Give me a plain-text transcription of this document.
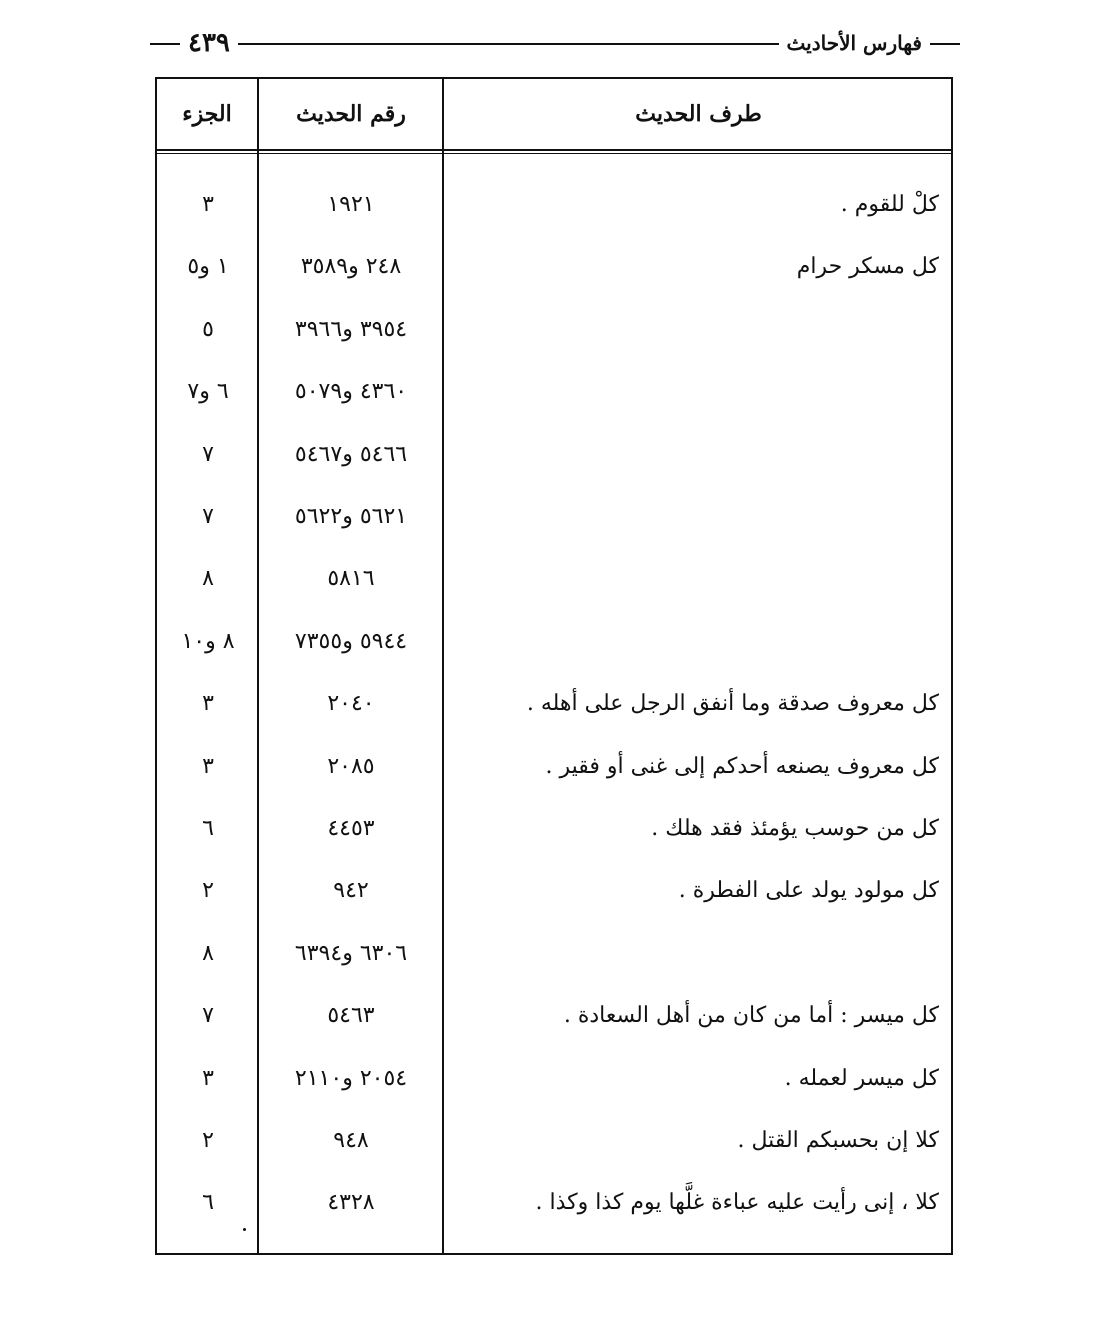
٤٣٩	فهارس الأحاديث
الجزء	رقم الحديث	طرف الحديث
٣	١٩٢١	كلْ للقوم .
١ و٥	٢٤٨ و٣٥٨٩	كل مسكر حرام
٥	٣٩٥٤ و٣٩٦٦
٦ و٧	٤٣٦٠ و٥٠٧٩
٧	٥٤٦٦ و٥٤٦٧
٧	٥٦٢١ و٥٦٢٢
٨	٥٨١٦
٨ و١٠	٥٩٤٤ و٧٣٥٥
٣	٢٠٤٠	كل معروف صدقة وما أنفق الرجل على أهله .
٣	٢٠٨٥	كل معروف يصنعه أحدكم إلى غنى أو فقير .
٦	٤٤٥٣	كل من حوسب يؤمئذ فقد هلك .
٢	٩٤٢	كل مولود يولد على الفطرة .
٨	٦٣٠٦ و٦٣٩٤
٧	٥٤٦٣	كل ميسر : أما من كان من أهل السعادة .
٣	٢٠٥٤ و٢١١٠	كل ميسر لعمله .
٢	٩٤٨	كلا إن بحسبكم القتل .
٦	٤٣٢٨	كلا ، إنى رأيت عليه عباءة غلَّها يوم كذا وكذا .
